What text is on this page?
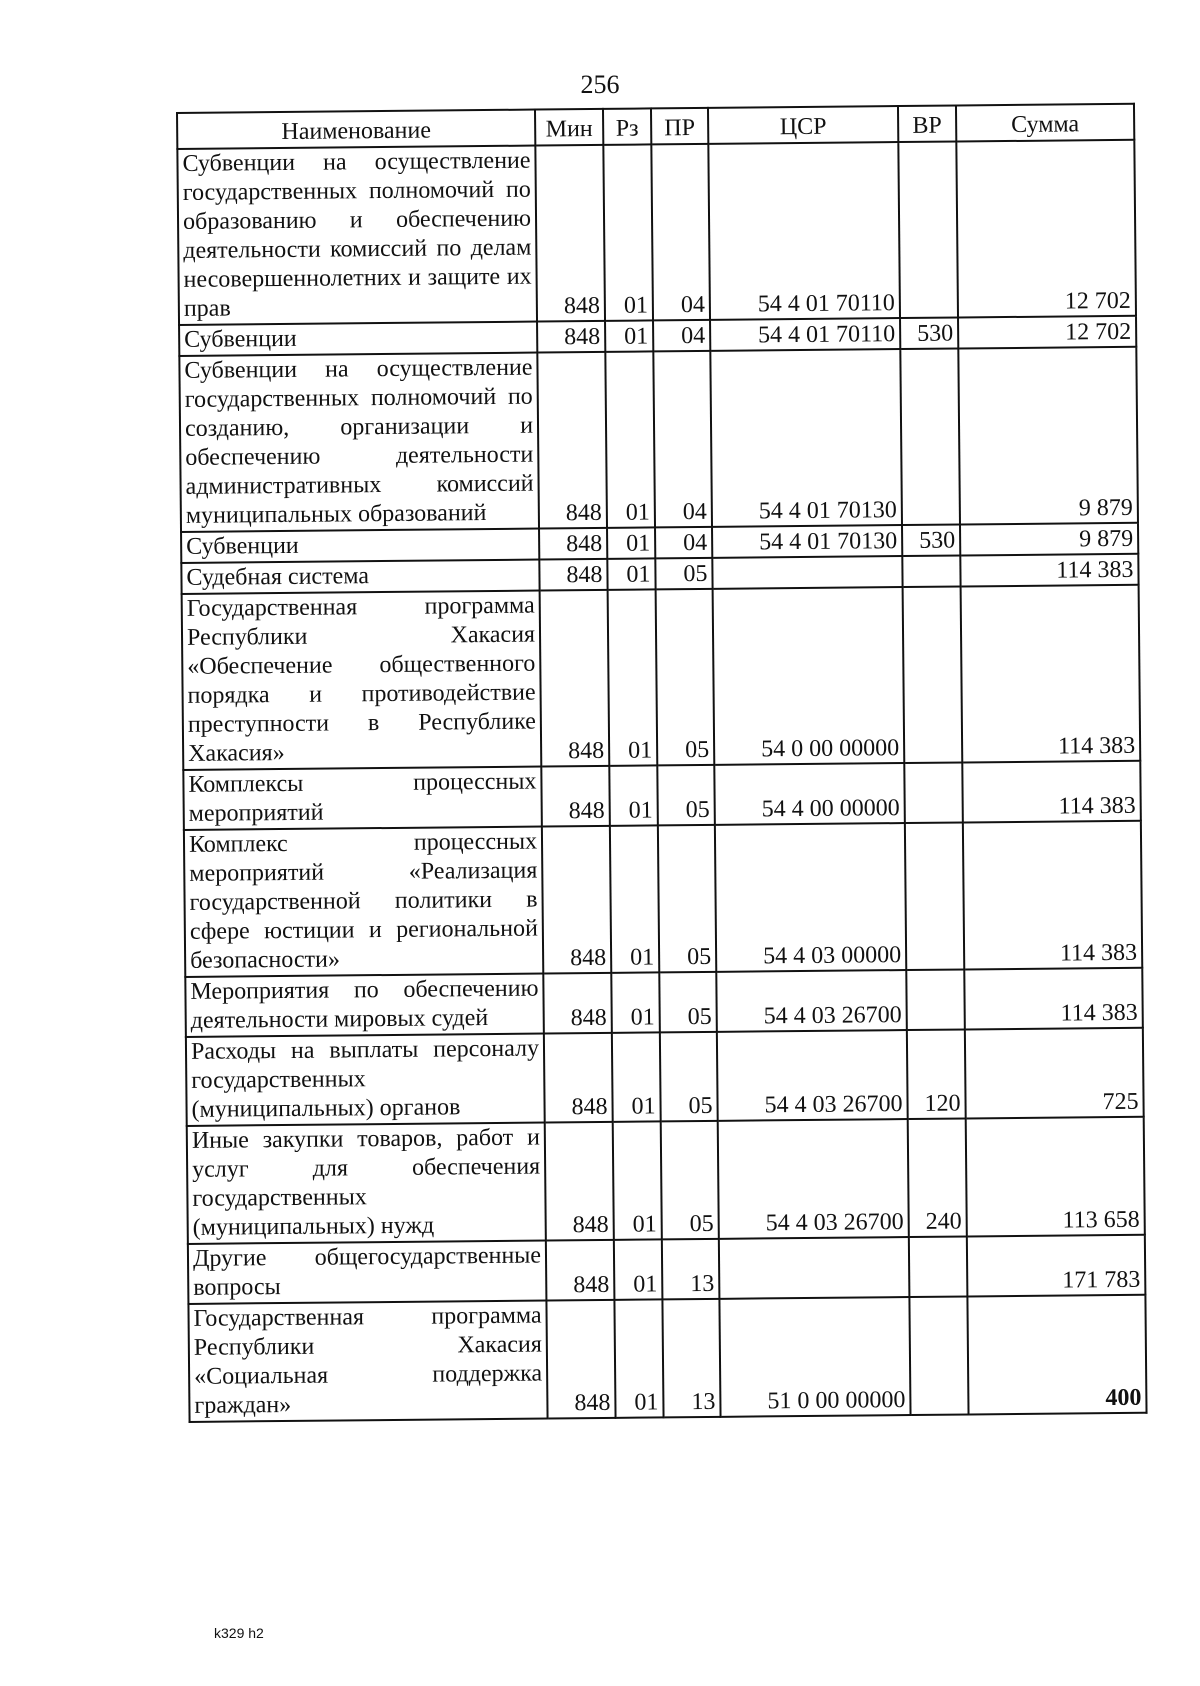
256
Наименование	Мин	Рз	ПР	ЦСР	ВР	Сумма
Субвенции на осуществление государственных полномочий по образованию и обеспечению деятельности комиссий по делам несовершеннолетних и защите их прав	848	01	04	54 4 01 70110		12 702
Субвенции	848	01	04	54 4 01 70110	530	12 702
Субвенции на осуществление государственных полномочий по созданию, организации и обеспечению деятельности административных комиссий муниципальных образований	848	01	04	54 4 01 70130		9 879
Субвенции	848	01	04	54 4 01 70130	530	9 879
Судебная система	848	01	05			114 383
Государственная программа Республики Хакасия «Обеспечение общественного порядка и противодействие преступности в Республике Хакасия»	848	01	05	54 0 00 00000		114 383
Комплексы процессных мероприятий	848	01	05	54 4 00 00000		114 383
Комплекс процессных мероприятий «Реализация государственной политики в сфере юстиции и региональной безопасности»	848	01	05	54 4 03 00000		114 383
Мероприятия по обеспечению деятельности мировых судей	848	01	05	54 4 03 26700		114 383
Расходы на выплаты персоналу государственных (муниципальных) органов	848	01	05	54 4 03 26700	120	725
Иные закупки товаров, работ и услуг для обеспечения государственных (муниципальных) нужд	848	01	05	54 4 03 26700	240	113 658
Другие общегосударственные вопросы	848	01	13			171 783
Государственная программа Республики Хакасия «Социальная поддержка граждан»	848	01	13	51 0 00 00000		400
k329 h2
